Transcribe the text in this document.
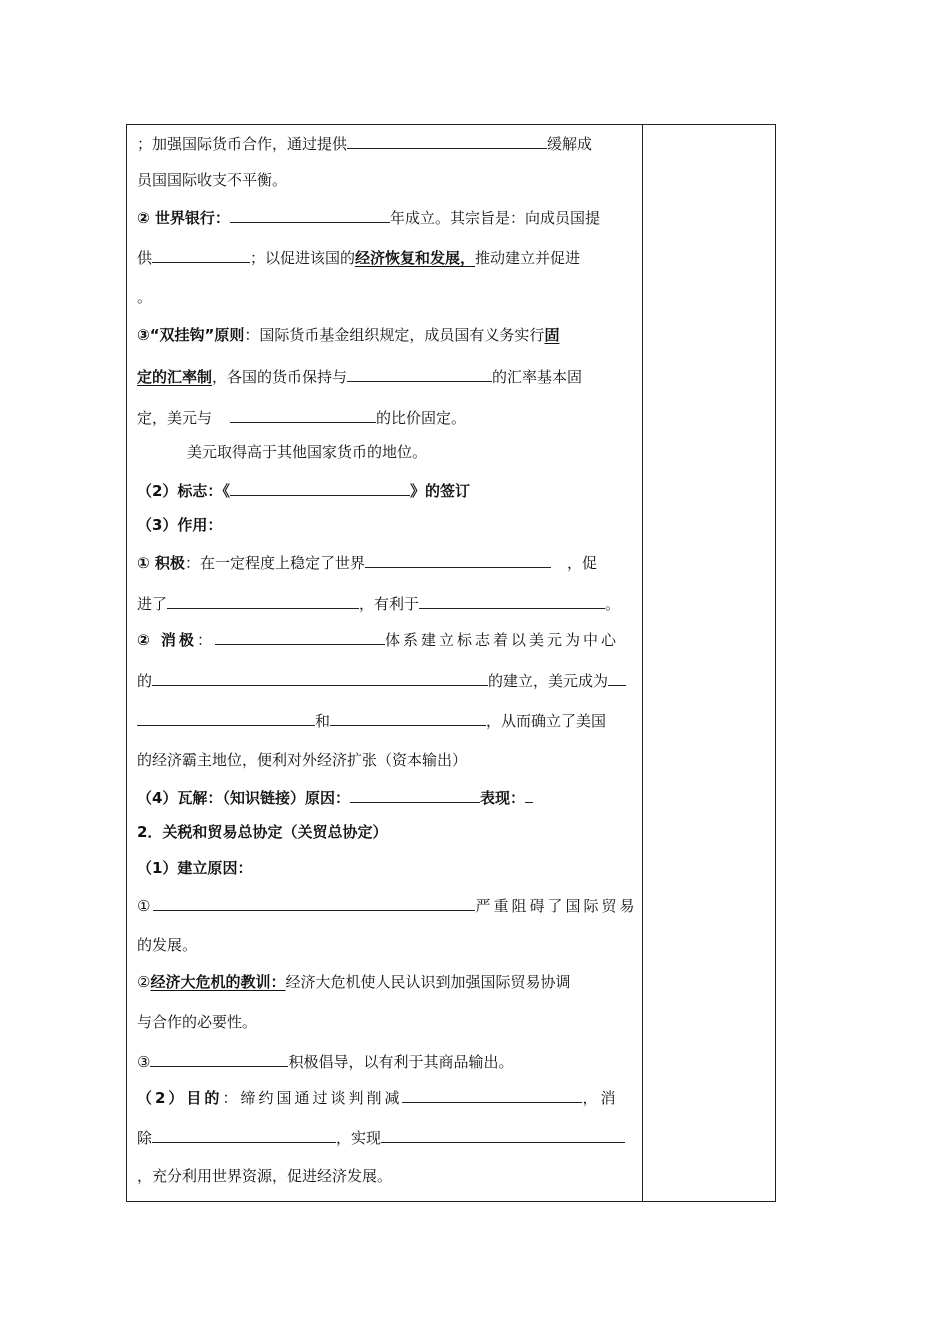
；加强国际货币合作，通过提供	缓解成
员国国际收支不平衡。
② 世界银行：	年成立。其宗旨是：向成员国提
供	；以促进该国的经济恢复和发展，推动建立并促进
。
③“双挂钩”原则：国际货币基金组织规定，成员国有义务实行固
定的汇率制，各国的货币保持与	的汇率基本固
定，美元与	的比价固定。
美元取得高于其他国家货币的地位。
（2）标志：《	》的签订
（3）作用：
① 积极：在一定程度上稳定了世界	，促
进了	，有利于	。
② 消极：	体系建立标志着以美元为中心
的	的建立，美元成为
和	，从而确立了美国
的经济霸主地位，便利对外经济扩张（资本输出）
（4）瓦解：（知识链接）原因：	表现：
2．关税和贸易总协定（关贸总协定）
（1）建立原因：
①	严重阻碍了国际贸易
的发展。
②经济大危机的教训：经济大危机使人民认识到加强国际贸易协调
与合作的必要性。
③	积极倡导，以有利于其商品输出。
（2）目的：缔约国通过谈判削减	，消
除	，实现
，充分利用世界资源，促进经济发展。
